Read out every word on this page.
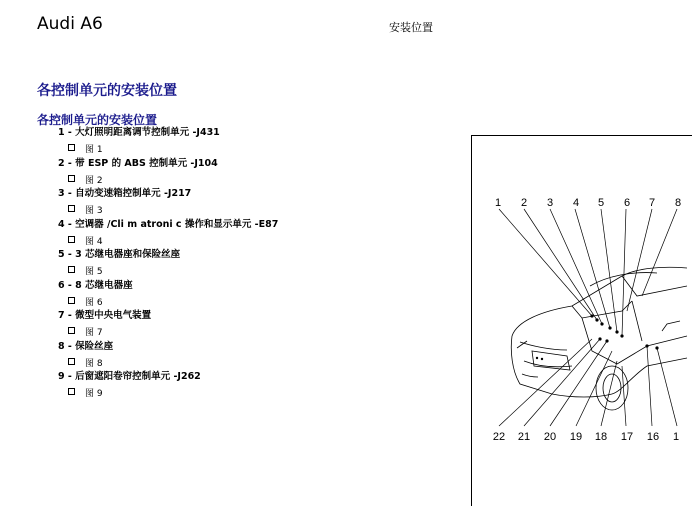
Audi A6	安装位置
各控制单元的安装位置
各控制单元的安装位置
1 - 大灯照明距离调节控制单元 -J431
图 1
2 - 带 ESP 的 ABS 控制单元 -J104
图 2
3 - 自动变速箱控制单元 -J217
图 3
4 - 空调器 /Cli m atroni c 操作和显示单元 -E87
图 4
5 - 3 芯继电器座和保险丝座
图 5
6 - 8 芯继电器座
图 6
7 - 微型中央电气装置
图 7
8 - 保险丝座
图 8
9 - 后窗遮阳卷帘控制单元 -J262
图 9
1 2 3 4 5 6 7 8
22 21 20 19 18 17 16 1
